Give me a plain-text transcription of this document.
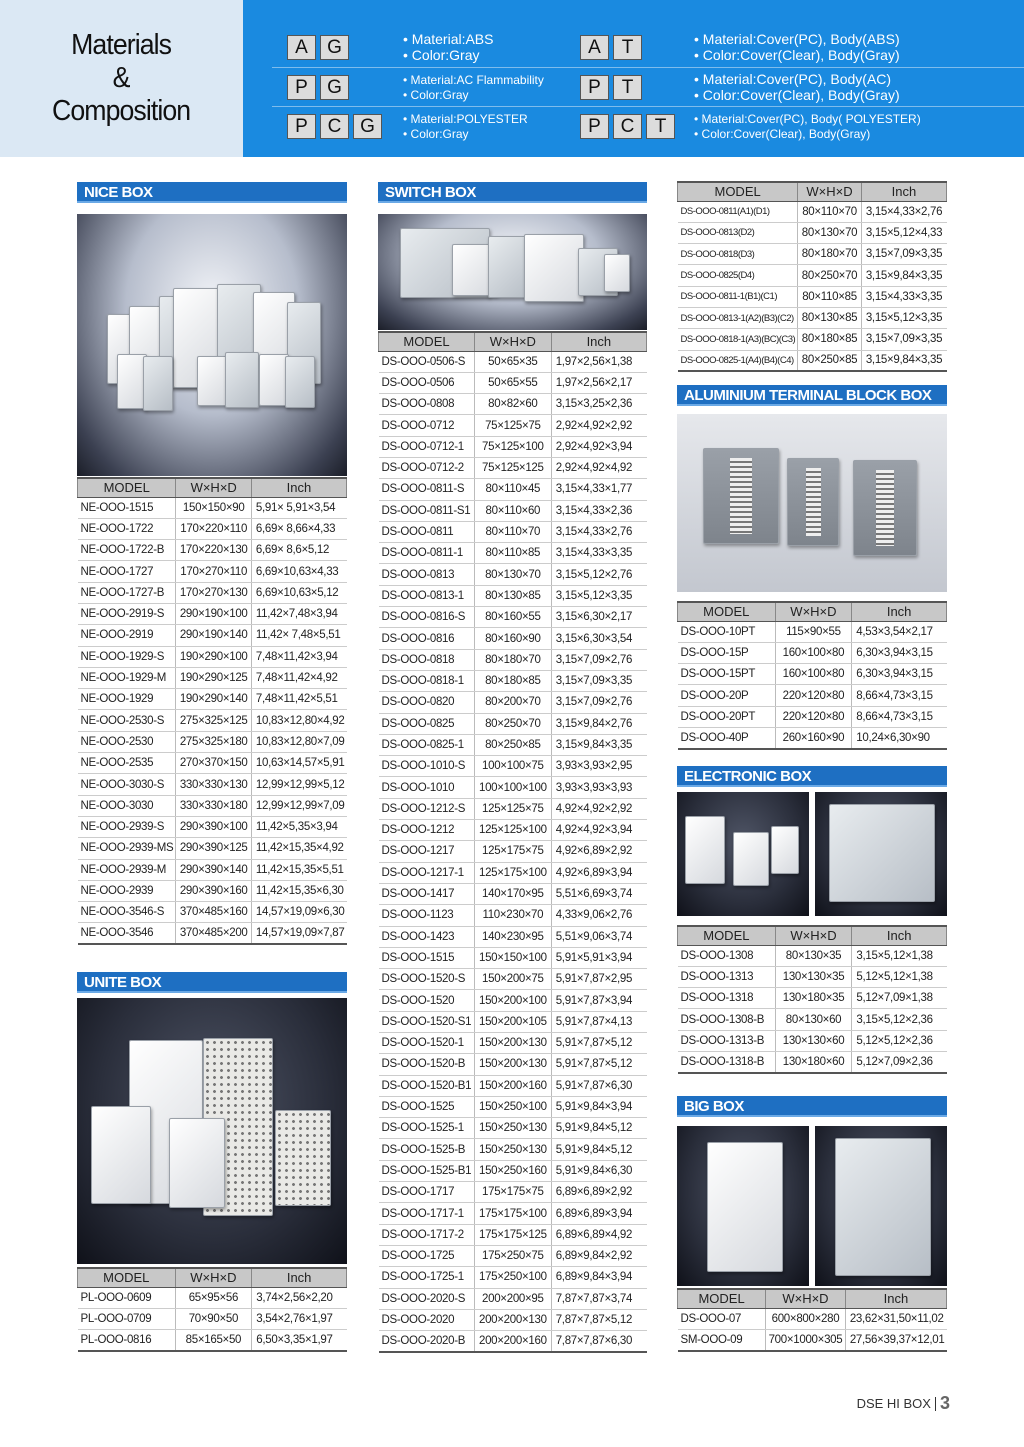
Materials
&
Composition
A	G	• Material:ABS
• Color:Gray	A	T	• Material:Cover(PC), Body(ABS)
• Color:Cover(Clear), Body(Gray)
P	G	• Material:AC Flammability
• Color:Gray	P	T	• Material:Cover(PC), Body(AC)
• Color:Cover(Clear), Body(Gray)
P	C G	• Material:POLYESTER
• Color:Gray	P	C	T	• Material:Cover(PC), Body( POLYESTER)
• Color:Cover(Clear), Body(Gray)
NICE BOX
MODEL	W×H×D	Inch
NE-OOO-1515	150×150×90	5,91× 5,91×3,54
NE-OOO-1722	170×220×110	6,69× 8,66×4,33
NE-OOO-1722-B	170×220×130	6,69× 8,6×5,12
NE-OOO-1727	170×270×110	6,69×10,63×4,33
NE-OOO-1727-B	170×270×130	6,69×10,63×5,12
NE-OOO-2919-S	290×190×100	11,42×7,48×3,94
NE-OOO-2919	290×190×140	11,42× 7,48×5,51
NE-OOO-1929-S	190×290×100	7,48×11,42×3,94
NE-OOO-1929-M	190×290×125	7,48×11,42×4,92
NE-OOO-1929	190×290×140	7,48×11,42×5,51
NE-OOO-2530-S	275×325×125	10,83×12,80×4,92
NE-OOO-2530	275×325×180	10,83×12,80×7,09
NE-OOO-2535	270×370×150	10,63×14,57×5,91
NE-OOO-3030-S	330×330×130	12,99×12,99×5,12
NE-OOO-3030	330×330×180	12,99×12,99×7,09
NE-OOO-2939-S	290×390×100	11,42×5,35×3,94
NE-OOO-2939-MS	290×390×125	11,42×15,35×4,92
NE-OOO-2939-M	290×390×140	11,42×15,35×5,51
NE-OOO-2939	290×390×160	11,42×15,35×6,30
NE-OOO-3546-S	370×485×160	14,57×19,09×6,30
NE-OOO-3546	370×485×200	14,57×19,09×7,87
UNITE BOX
MODEL	W×H×D	Inch
PL-OOO-0609	65×95×56	3,74×2,56×2,20
PL-OOO-0709	70×90×50	3,54×2,76×1,97
PL-OOO-0816	85×165×50	6,50×3,35×1,97
SWITCH BOX
MODEL	W×H×D	Inch
DS-OOO-0506-S	50×65×35	1,97×2,56×1,38
DS-OOO-0506	50×65×55	1,97×2,56×2,17
DS-OOO-0808	80×82×60	3,15×3,25×2,36
DS-OOO-0712	75×125×75	2,92×4,92×2,92
DS-OOO-0712-1	75×125×100	2,92×4,92×3,94
DS-OOO-0712-2	75×125×125	2,92×4,92×4,92
DS-OOO-0811-S	80×110×45	3,15×4,33×1,77
DS-OOO-0811-S1	80×110×60	3,15×4,33×2,36
DS-OOO-0811	80×110×70	3,15×4,33×2,76
DS-OOO-0811-1	80×110×85	3,15×4,33×3,35
DS-OOO-0813	80×130×70	3,15×5,12×2,76
DS-OOO-0813-1	80×130×85	3,15×5,12×3,35
DS-OOO-0816-S	80×160×55	3,15×6,30×2,17
DS-OOO-0816	80×160×90	3,15×6,30×3,54
DS-OOO-0818	80×180×70	3,15×7,09×2,76
DS-OOO-0818-1	80×180×85	3,15×7,09×3,35
DS-OOO-0820	80×200×70	3,15×7,09×2,76
DS-OOO-0825	80×250×70	3,15×9,84×2,76
DS-OOO-0825-1	80×250×85	3,15×9,84×3,35
DS-OOO-1010-S	100×100×75	3,93×3,93×2,95
DS-OOO-1010	100×100×100	3,93×3,93×3,93
DS-OOO-1212-S	125×125×75	4,92×4,92×2,92
DS-OOO-1212	125×125×100	4,92×4,92×3,94
DS-OOO-1217	125×175×75	4,92×6,89×2,92
DS-OOO-1217-1	125×175×100	4,92×6,89×3,94
DS-OOO-1417	140×170×95	5,51×6,69×3,74
DS-OOO-1123	110×230×70	4,33×9,06×2,76
DS-OOO-1423	140×230×95	5,51×9,06×3,74
DS-OOO-1515	150×150×100	5,91×5,91×3,94
DS-OOO-1520-S	150×200×75	5,91×7,87×2,95
DS-OOO-1520	150×200×100	5,91×7,87×3,94
DS-OOO-1520-S1	150×200×105	5,91×7,87×4,13
DS-OOO-1520-1	150×200×130	5,91×7,87×5,12
DS-OOO-1520-B	150×200×130	5,91×7,87×5,12
DS-OOO-1520-B1	150×200×160	5,91×7,87×6,30
DS-OOO-1525	150×250×100	5,91×9,84×3,94
DS-OOO-1525-1	150×250×130	5,91×9,84×5,12
DS-OOO-1525-B	150×250×130	5,91×9,84×5,12
DS-OOO-1525-B1	150×250×160	5,91×9,84×6,30
DS-OOO-1717	175×175×75	6,89×6,89×2,92
DS-OOO-1717-1	175×175×100	6,89×6,89×3,94
DS-OOO-1717-2	175×175×125	6,89×6,89×4,92
DS-OOO-1725	175×250×75	6,89×9,84×2,92
DS-OOO-1725-1	175×250×100	6,89×9,84×3,94
DS-OOO-2020-S	200×200×95	7,87×7,87×3,74
DS-OOO-2020	200×200×130	7,87×7,87×5,12
DS-OOO-2020-B	200×200×160	7,87×7,87×6,30
MODEL	W×H×D	Inch
DS-OOO-0811(A1)(D1)	80×110×70	3,15×4,33×2,76
DS-OOO-0813(D2)	80×130×70	3,15×5,12×4,33
DS-OOO-0818(D3)	80×180×70	3,15×7,09×3,35
DS-OOO-0825(D4)	80×250×70	3,15×9,84×3,35
DS-OOO-0811-1(B1)(C1)	80×110×85	3,15×4,33×3,35
DS-OOO-0813-1(A2)(B3)(C2)	80×130×85	3,15×5,12×3,35
DS-OOO-0818-1(A3)(BC)(C3)	80×180×85	3,15×7,09×3,35
DS-OOO-0825-1(A4)(B4)(C4)	80×250×85	3,15×9,84×3,35
ALUMINIUM TERMINAL BLOCK BOX
MODEL	W×H×D	Inch
DS-OOO-10PT	115×90×55	4,53×3,54×2,17
DS-OOO-15P	160×100×80	6,30×3,94×3,15
DS-OOO-15PT	160×100×80	6,30×3,94×3,15
DS-OOO-20P	220×120×80	8,66×4,73×3,15
DS-OOO-20PT	220×120×80	8,66×4,73×3,15
DS-OOO-40P	260×160×90	10,24×6,30×90
ELECTRONIC BOX
MODEL	W×H×D	Inch
DS-OOO-1308	80×130×35	3,15×5,12×1,38
DS-OOO-1313	130×130×35	5,12×5,12×1,38
DS-OOO-1318	130×180×35	5,12×7,09×1,38
DS-OOO-1308-B	80×130×60	3,15×5,12×2,36
DS-OOO-1313-B	130×130×60	5,12×5,12×2,36
DS-OOO-1318-B	130×180×60	5,12×7,09×2,36
BIG BOX
MODEL	W×H×D	Inch
DS-OOO-07	600×800×280	23,62×31,50×11,02
SM-OOO-09	700×1000×305	27,56×39,37×12,01
DSE HI BOX 3
